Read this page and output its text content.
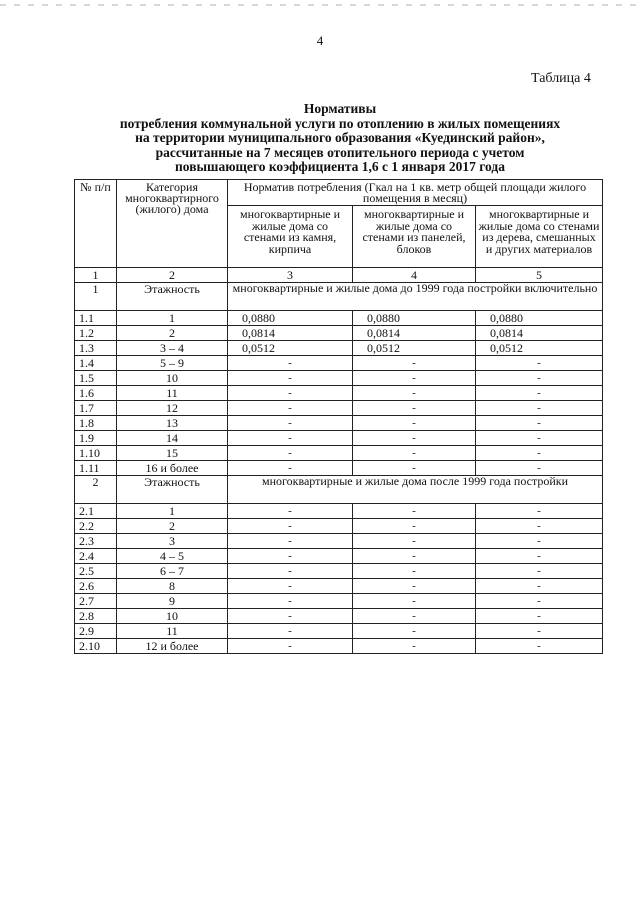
4
Таблица 4
Нормативы
потребления коммунальной услуги по отоплению в жилых помещениях
на территории муниципального образования «Куединский район»,
рассчитанные на 7 месяцев отопительного периода с учетом
повышающего коэффициента 1,6 с 1 января 2017 года
№ п/п	Категория многоквартирного (жилого) дома	Норматив потребления (Гкал на 1 кв. метр общей площади жилого помещения в месяц)		
		многоквартирные и жилые дома со стенами из камня, кирпича	многоквартирные и жилые дома со стенами из панелей, блоков	многоквартирные и жилые дома со стенами из дерева, смешанных и других материалов
1	2	3	4	5
1	Этажность	многоквартирные и жилые дома до 1999 года постройки включительно		
1.1	1	0,0880	0,0880	0,0880
1.2	2	0,0814	0,0814	0,0814
1.3	3 – 4	0,0512	0,0512	0,0512
1.4	5 – 9	-	-	-
1.5	10	-	-	-
1.6	11	-	-	-
1.7	12	-	-	-
1.8	13	-	-	-
1.9	14	-	-	-
1.10	15	-	-	-
1.11	16 и более	-	-	-
2	Этажность	многоквартирные и жилые дома после 1999 года постройки		
2.1	1	-	-	-
2.2	2	-	-	-
2.3	3	-	-	-
2.4	4 – 5	-	-	-
2.5	6 – 7	-	-	-
2.6	8	-	-	-
2.7	9	-	-	-
2.8	10	-	-	-
2.9	11	-	-	-
2.10	12 и более	-	-	-
